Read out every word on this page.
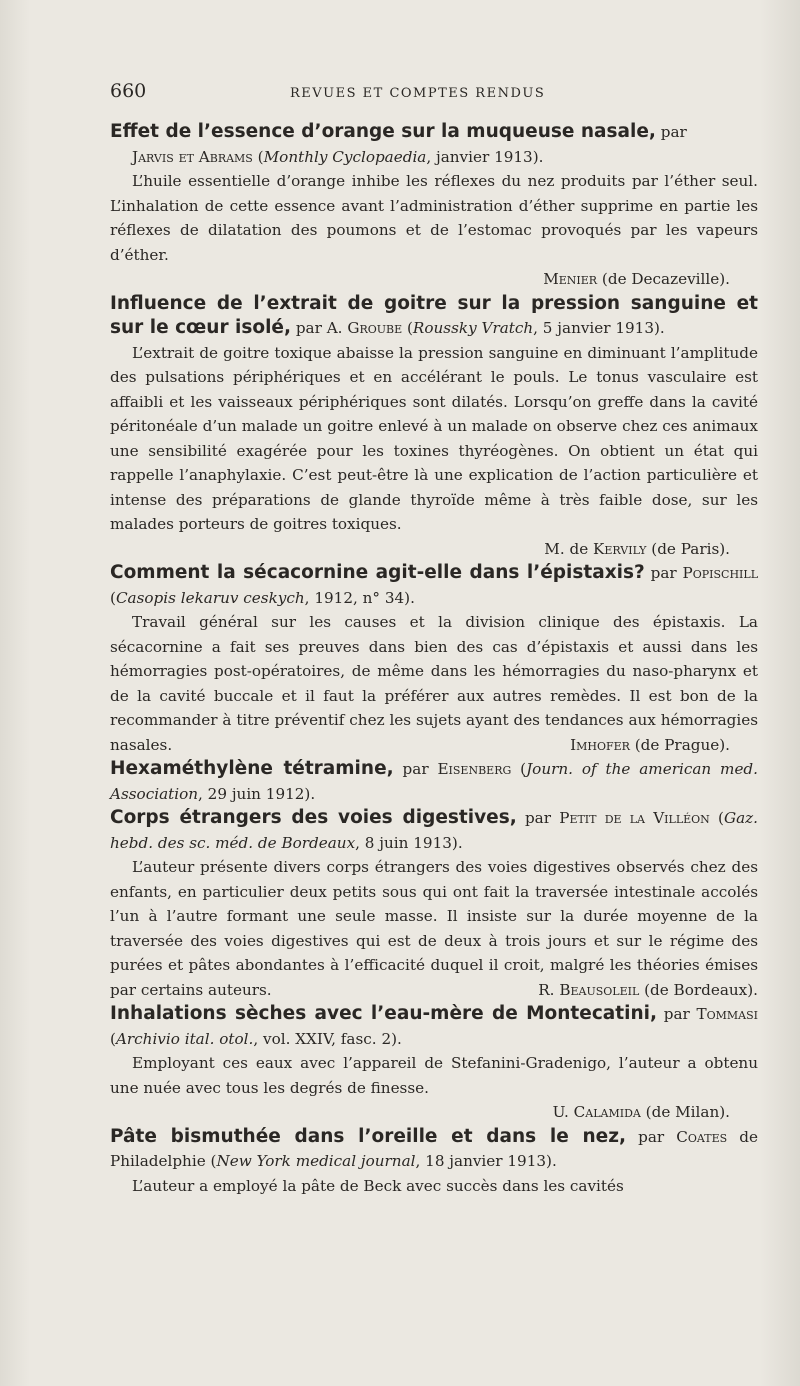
660	REVUES ET COMPTES RENDUS

Effet de l’essence d’orange sur la muqueuse nasale, par
Jarvis et Abrams (Monthly Cyclopaedia, janvier 1913).

L’huile essentielle d’orange inhibe les réflexes du nez produits par l’éther seul. L’inhalation de cette essence avant l’administration d’éther supprime en partie les réflexes de dilatation des poumons et de l’estomac provoqués par les vapeurs d’éther.

Menier (de Decazeville).

Influence de l’extrait de goitre sur la pression sanguine et sur le cœur isolé, par A. Groube (Roussky Vratch, 5 janvier 1913).

L’extrait de goitre toxique abaisse la pression sanguine en diminuant l’amplitude des pulsations périphériques et en accélérant le pouls. Le tonus vasculaire est affaibli et les vaisseaux périphériques sont dilatés. Lorsqu’on greffe dans la cavité péritonéale d’un malade un goitre enlevé à un malade on observe chez ces animaux une sensibilité exagérée pour les toxines thyréogènes. On obtient un état qui rappelle l’anaphylaxie. C’est peut-être là une explication de l’action particulière et intense des préparations de glande thyroïde même à très faible dose, sur les malades porteurs de goitres toxiques.

M. de Kervily (de Paris).

Comment la sécacornine agit-elle dans l’épistaxis? par Popischill (Casopis lekaruv ceskych, 1912, n° 34).

Travail général sur les causes et la division clinique des épistaxis. La sécacornine a fait ses preuves dans bien des cas d’épistaxis et aussi dans les hémorragies post-opératoires, de même dans les hémorragies du naso-pharynx et de la cavité buccale et il faut la préférer aux autres remèdes. Il est bon de la recommander à titre préventif chez les sujets ayant des tendances aux hémorragies nasales.	Imhofer (de Prague).

Hexaméthylène tétramine, par Eisenberg (Journ. of the american med. Association, 29 juin 1912).

Corps étrangers des voies digestives, par Petit de la Villéon (Gaz. hebd. des sc. méd. de Bordeaux, 8 juin 1913).

L’auteur présente divers corps étrangers des voies digestives observés chez des enfants, en particulier deux petits sous qui ont fait la traversée intestinale accolés l’un à l’autre formant une seule masse. Il insiste sur la durée moyenne de la traversée des voies digestives qui est de deux à trois jours et sur le régime des purées et pâtes abondantes à l’efficacité duquel il croit, malgré les théories émises par certains auteurs.	R. Beausoleil (de Bordeaux).

Inhalations sèches avec l’eau-mère de Montecatini, par Tommasi (Archivio ital. otol., vol. XXIV, fasc. 2).

Employant ces eaux avec l’appareil de Stefanini-Gradenigo, l’auteur a obtenu une nuée avec tous les degrés de finesse.

U. Calamida (de Milan).

Pâte bismuthée dans l’oreille et dans le nez, par Coates de Philadelphie (New York medical journal, 18 janvier 1913).

L’auteur a employé la pâte de Beck avec succès dans les cavités
